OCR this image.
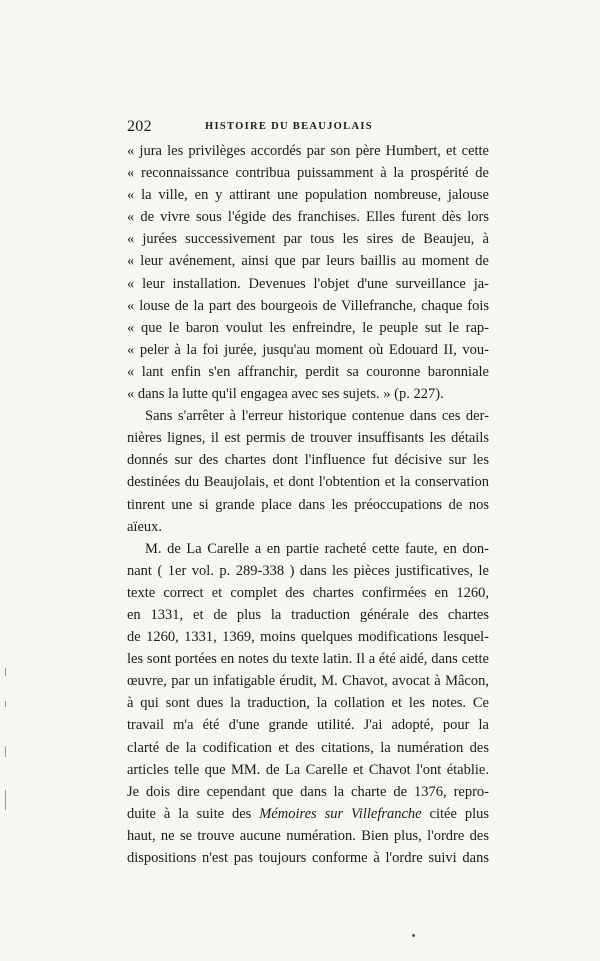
202	HISTOIRE DU BEAUJOLAIS
« jura les privilèges accordés par son père Humbert, et cette
« reconnaissance contribua puissamment à la prospérité de
« la ville, en y attirant une population nombreuse, jalouse
« de vivre sous l'égide des franchises. Elles furent dès lors
« jurées successivement par tous les sires de Beaujeu, à
« leur avénement, ainsi que par leurs baillis au moment de
« leur installation. Devenues l'objet d'une surveillance ja-
« louse de la part des bourgeois de Villefranche, chaque fois
« que le baron voulut les enfreindre, le peuple sut le rap-
« peler à la foi jurée, jusqu'au moment où Edouard II, vou-
« lant enfin s'en affranchir, perdit sa couronne baronniale
« dans la lutte qu'il engagea avec ses sujets. » (p. 227).
Sans s'arrêter à l'erreur historique contenue dans ces der-
nières lignes, il est permis de trouver insuffisants les détails
donnés sur des chartes dont l'influence fut décisive sur les
destinées du Beaujolais, et dont l'obtention et la conservation
tinrent une si grande place dans les préoccupations de nos
aïeux.
M. de La Carelle a en partie racheté cette faute, en don-
nant ( 1er vol. p. 289-338 ) dans les pièces justificatives, le
texte correct et complet des chartes confirmées en 1260,
en 1331, et de plus la traduction générale des chartes
de 1260, 1331, 1369, moins quelques modifications lesquel-
les sont portées en notes du texte latin. Il a été aidé, dans cette
œuvre, par un infatigable érudit, M. Chavot, avocat à Mâcon,
à qui sont dues la traduction, la collation et les notes. Ce
travail m'a été d'une grande utilité. J'ai adopté, pour la
clarté de la codification et des citations, la numération des
articles telle que MM. de La Carelle et Chavot l'ont établie.
Je dois dire cependant que dans la charte de 1376, repro-
duite à la suite des Mémoires sur Villefranche citée plus
haut, ne se trouve aucune numération. Bien plus, l'ordre des
dispositions n'est pas toujours conforme à l'ordre suivi dans
